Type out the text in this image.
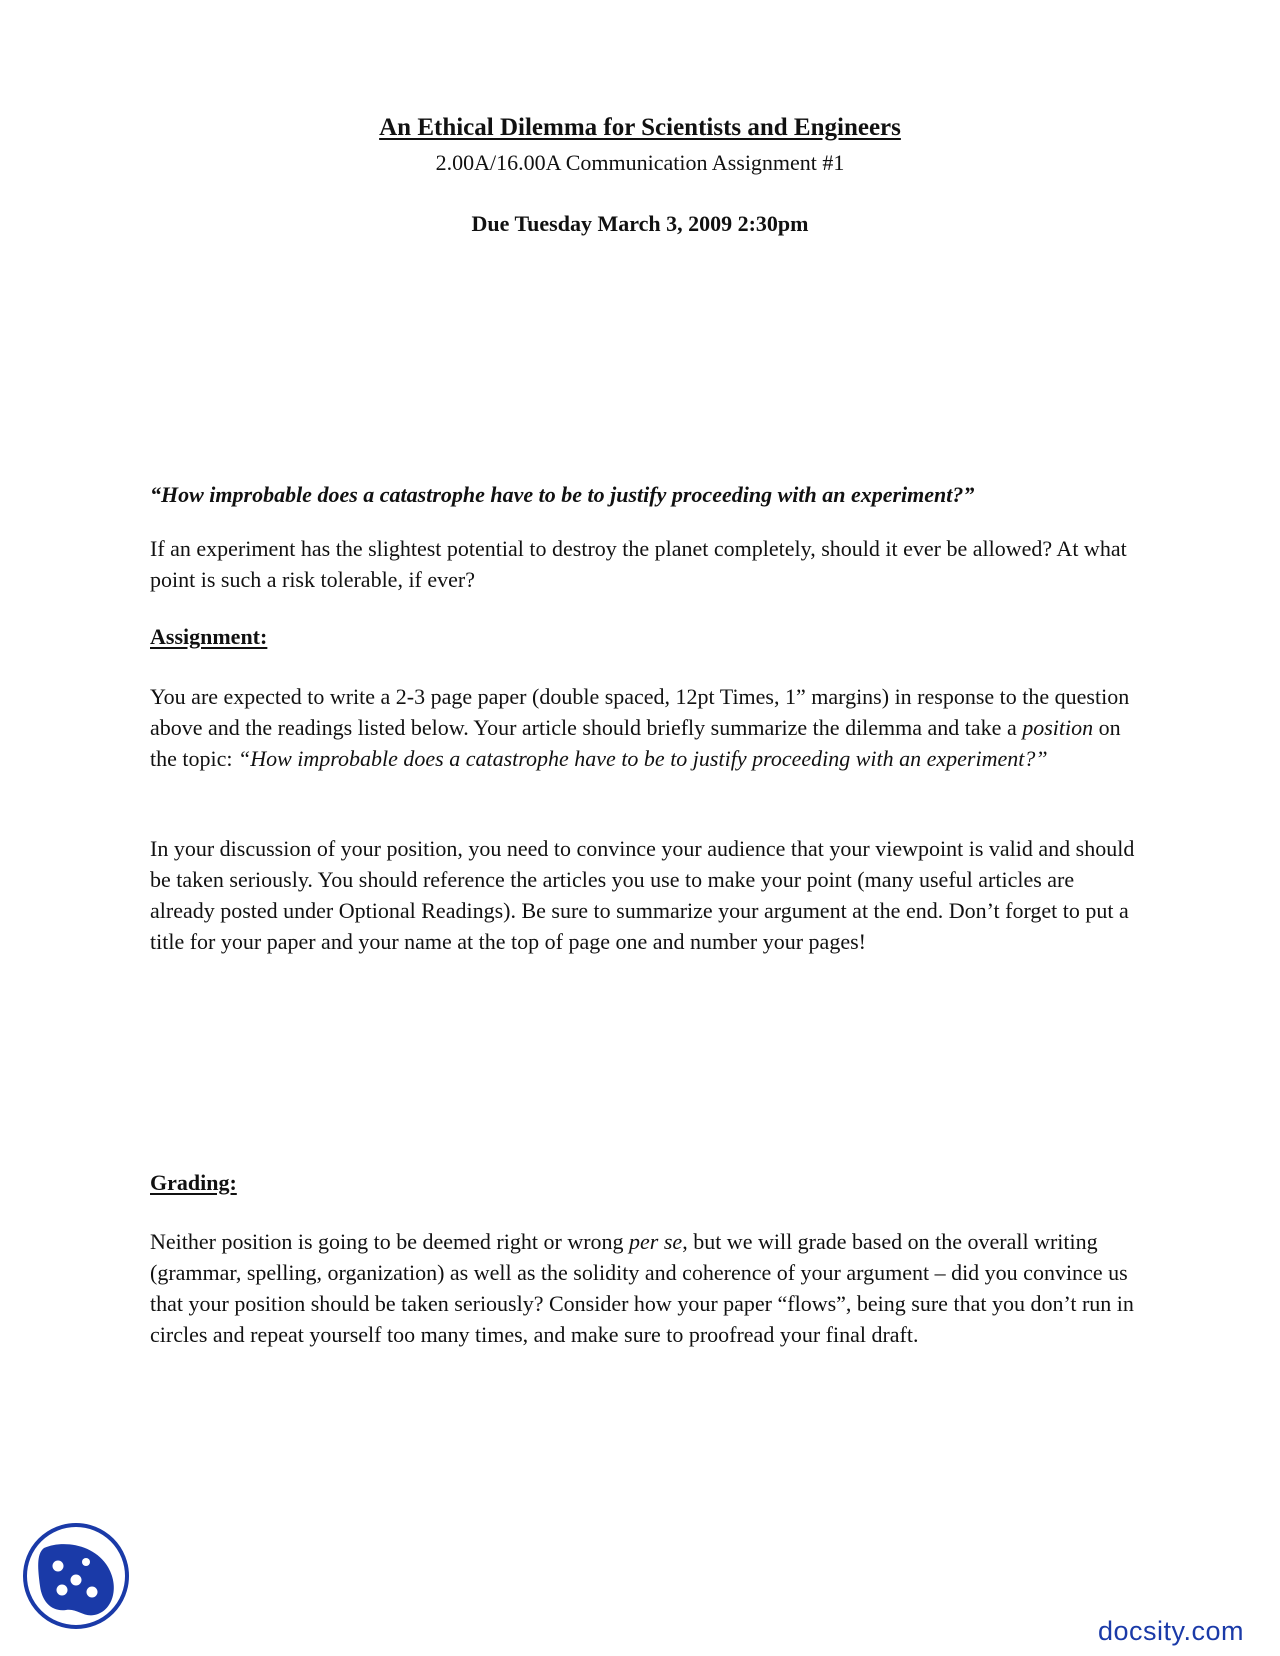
An Ethical Dilemma for Scientists and Engineers
2.00A/16.00A Communication Assignment #1
Due Tuesday March 3, 2009 2:30pm
“How improbable does a catastrophe have to be to justify proceeding with an experiment?”
If an experiment has the slightest potential to destroy the planet completely, should it ever be allowed? At what point is such a risk tolerable, if ever?
Assignment:
You are expected to write a 2-3 page paper (double spaced, 12pt Times, 1” margins) in response to the question above and the readings listed below. Your article should briefly summarize the dilemma and take a position on the topic: “How improbable does a catastrophe have to be to justify proceeding with an experiment?”
In your discussion of your position, you need to convince your audience that your viewpoint is valid and should be taken seriously. You should reference the articles you use to make your point (many useful articles are already posted under Optional Readings). Be sure to summarize your argument at the end. Don’t forget to put a title for your paper and your name at the top of page one and number your pages!
Grading:
Neither position is going to be deemed right or wrong per se, but we will grade based on the overall writing (grammar, spelling, organization) as well as the solidity and coherence of your argument – did you convince us that your position should be taken seriously? Consider how your paper “flows”, being sure that you don’t run in circles and repeat yourself too many times, and make sure to proofread your final draft.
docsity.com
